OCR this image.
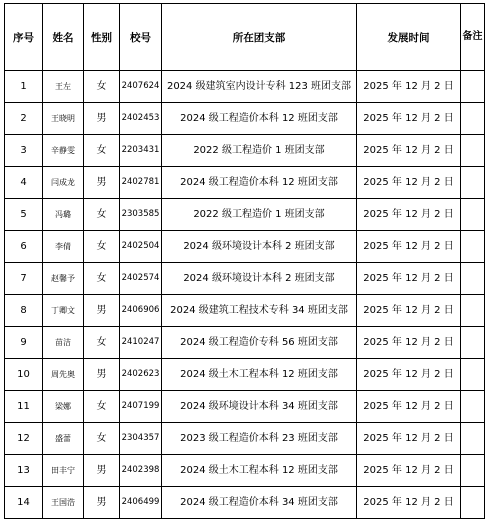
序号	姓名	性别	校号	所在团支部	发展时间	备注
1	王左	女	2407624	2024 级建筑室内设计专科 123 班团支部	2025 年 12 月 2 日	
2	王晓明	男	2402453	2024 级工程造价本科 12 班团支部	2025 年 12 月 2 日	
3	辛静雯	女	2203431	2022 级工程造价 1 班团支部	2025 年 12 月 2 日	
4	闫成龙	男	2402781	2024 级工程造价本科 12 班团支部	2025 年 12 月 2 日	
5	冯璐	女	2303585	2022 级工程造价 1 班团支部	2025 年 12 月 2 日	
6	李倩	女	2402504	2024 级环境设计本科 2 班团支部	2025 年 12 月 2 日	
7	赵馨予	女	2402574	2024 级环境设计本科 2 班团支部	2025 年 12 月 2 日	
8	丁卿文	男	2406906	2024 级建筑工程技术专科 34 班团支部	2025 年 12 月 2 日	
9	苗洁	女	2410247	2024 级工程造价专科 56 班团支部	2025 年 12 月 2 日	
10	周先奥	男	2402623	2024 级土木工程本科 12 班团支部	2025 年 12 月 2 日	
11	梁娜	女	2407199	2024 级环境设计本科 34 班团支部	2025 年 12 月 2 日	
12	盛蕾	女	2304357	2023 级工程造价本科 23 班团支部	2025 年 12 月 2 日	
13	田丰宁	男	2402398	2024 级土木工程本科 12 班团支部	2025 年 12 月 2 日	
14	王国浩	男	2406499	2024 级工程造价本科 34 班团支部	2025 年 12 月 2 日	
